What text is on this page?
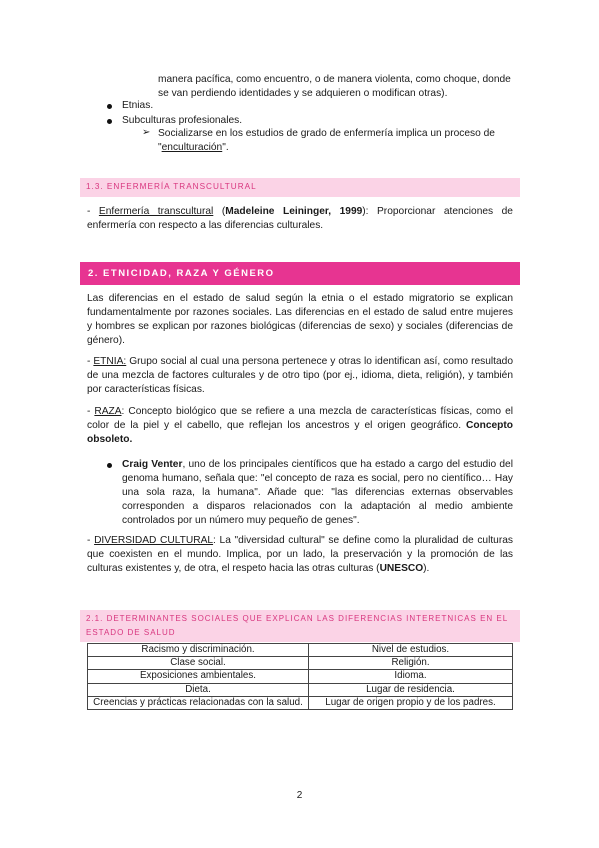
manera pacífica, como encuentro, o de manera violenta, como choque, donde se van perdiendo identidades y se adquieren o modifican otras).
Etnias.
Subculturas profesionales.
➢ Socializarse en los estudios de grado de enfermería implica un proceso de "enculturación".
1.3. ENFERMERÍA TRANSCULTURAL
- Enfermería transcultural (Madeleine Leininger, 1999): Proporcionar atenciones de enfermería con respecto a las diferencias culturales.
2. ETNICIDAD, RAZA Y GÉNERO
Las diferencias en el estado de salud según la etnia o el estado migratorio se explican fundamentalmente por razones sociales. Las diferencias en el estado de salud entre mujeres y hombres se explican por razones biológicas (diferencias de sexo) y sociales (diferencias de género).
- ETNIA: Grupo social al cual una persona pertenece y otras lo identifican así, como resultado de una mezcla de factores culturales y de otro tipo (por ej., idioma, dieta, religión), y también por características físicas.
- RAZA: Concepto biológico que se refiere a una mezcla de características físicas, como el color de la piel y el cabello, que reflejan los ancestros y el origen geográfico. Concepto obsoleto.
Craig Venter, uno de los principales científicos que ha estado a cargo del estudio del genoma humano, señala que: "el concepto de raza es social, pero no científico… Hay una sola raza, la humana". Añade que: "las diferencias externas observables corresponden a disparos relacionados con la adaptación al medio ambiente controlados por un número muy pequeño de genes".
- DIVERSIDAD CULTURAL: La "diversidad cultural" se define como la pluralidad de culturas que coexisten en el mundo. Implica, por un lado, la preservación y la promoción de las culturas existentes y, de otra, el respeto hacia las otras culturas (UNESCO).
2.1. DETERMINANTES SOCIALES QUE EXPLICAN LAS DIFERENCIAS INTERETNICAS EN EL
ESTADO DE SALUD
Racismo y discriminación.	Nivel de estudios.
Clase social.	Religión.
Exposiciones ambientales.	Idioma.
Dieta.	Lugar de residencia.
Creencias y prácticas relacionadas con la salud.	Lugar de origen propio y de los padres.
2
